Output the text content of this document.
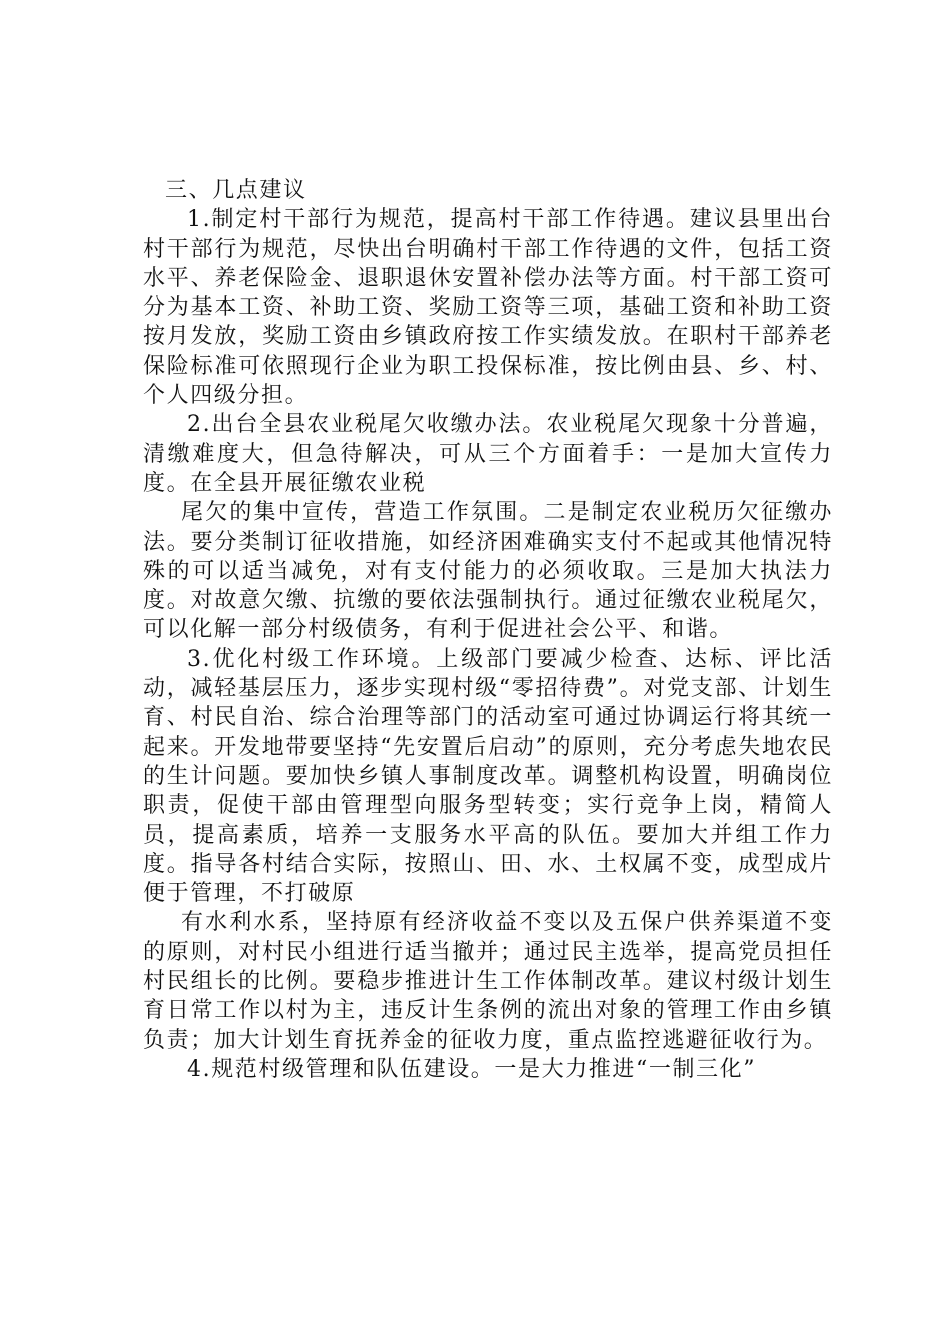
三、几点建议

1.制定村干部行为规范，提高村干部工作待遇。建议县里出台村干部行为规范，尽快出台明确村干部工作待遇的文件，包括工资水平、养老保险金、退职退休安置补偿办法等方面。村干部工资可分为基本工资、补助工资、奖励工资等三项，基础工资和补助工资按月发放，奖励工资由乡镇政府按工作实绩发放。在职村干部养老保险标准可依照现行企业为职工投保标准，按比例由县、乡、村、个人四级分担。

2.出台全县农业税尾欠收缴办法。农业税尾欠现象十分普遍，清缴难度大，但急待解决，可从三个方面着手：一是加大宣传力度。在全县开展征缴农业税

尾欠的集中宣传，营造工作氛围。二是制定农业税历欠征缴办法。要分类制订征收措施，如经济困难确实支付不起或其他情况特殊的可以适当减免，对有支付能力的必须收取。三是加大执法力度。对故意欠缴、抗缴的要依法强制执行。通过征缴农业税尾欠，可以化解一部分村级债务，有利于促进社会公平、和谐。

3.优化村级工作环境。上级部门要减少检查、达标、评比活动，减轻基层压力，逐步实现村级“零招待费”。对党支部、计划生育、村民自治、综合治理等部门的活动室可通过协调运行将其统一起来。开发地带要坚持“先安置后启动”的原则，充分考虑失地农民的生计问题。要加快乡镇人事制度改革。调整机构设置，明确岗位职责，促使干部由管理型向服务型转变；实行竞争上岗，精简人员，提高素质，培养一支服务水平高的队伍。要加大并组工作力度。指导各村结合实际，按照山、田、水、土权属不变，成型成片便于管理，不打破原

有水利水系，坚持原有经济收益不变以及五保户供养渠道不变的原则，对村民小组进行适当撤并；通过民主选举，提高党员担任村民组长的比例。要稳步推进计生工作体制改革。建议村级计划生育日常工作以村为主，违反计生条例的流出对象的管理工作由乡镇负责；加大计划生育抚养金的征收力度，重点监控逃避征收行为。

4.规范村级管理和队伍建设。一是大力推进“一制三化”
